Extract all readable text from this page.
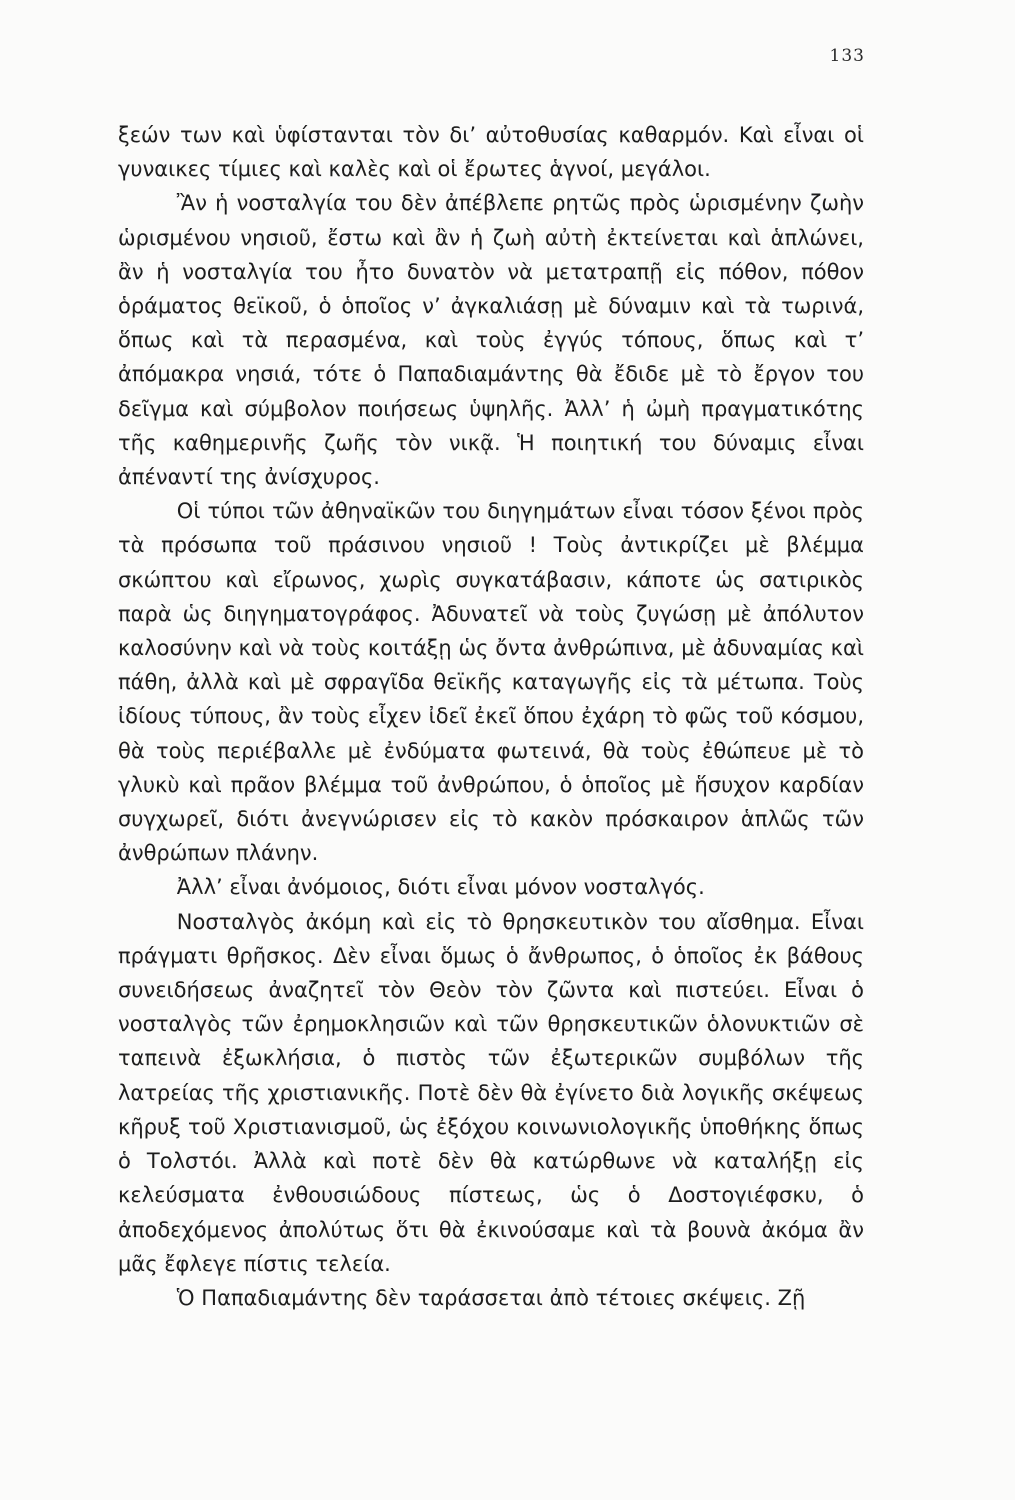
133

ξεών των καὶ ὑφίστανται τὸν δι’ αὐτοθυσίας καθαρμόν. Καὶ εἶναι οἱ γυναικες τίμιες καὶ καλὲς καὶ οἱ ἔρωτες ἁγνοί, μεγάλοι.

Ἂν ἡ νοσταλγία του δὲν ἀπέβλεπε ρητῶς πρὸς ὡρισμένην ζωὴν ὡρισμένου νησιοῦ, ἔστω καὶ ἂν ἡ ζωὴ αὐτὴ ἐκτείνεται καὶ ἁπλώνει, ἂν ἡ νοσταλγία του ἦτο δυνατὸν νὰ μετατραπῇ εἰς πόθον, πόθον ὁράματος θεϊκοῦ, ὁ ὁποῖος ν’ ἀγκαλιάσῃ μὲ δύναμιν καὶ τὰ τωρινά, ὅπως καὶ τὰ περασμένα, καὶ τοὺς ἐγγύς τόπους, ὅπως καὶ τ’ ἀπόμακρα νησιά, τότε ὁ Παπαδιαμάντης θὰ ἔδιδε μὲ τὸ ἔργον του δεῖγμα καὶ σύμβολον ποιήσεως ὑψηλῆς. Ἀλλ’ ἡ ὠμὴ πραγματικότης τῆς καθημερινῆς ζωῆς τὸν νικᾷ. Ἡ ποιητική του δύναμις εἶναι ἀπέναντί της ἀνίσχυρος.

Οἱ τύποι τῶν ἀθηναϊκῶν του διηγημάτων εἶναι τόσον ξένοι πρὸς τὰ πρόσωπα τοῦ πράσινου νησιοῦ ! Τοὺς ἀντικρίζει μὲ βλέμμα σκώπτου καὶ εἴρωνος, χωρὶς συγκατάβασιν, κάποτε ὡς σατιρικὸς παρὰ ὡς διηγηματογράφος. Ἀδυνατεῖ νὰ τοὺς ζυγώσῃ μὲ ἀπόλυτον καλοσύνην καὶ νὰ τοὺς κοιτάξῃ ὡς ὄντα ἀνθρώπινα, μὲ ἀδυναμίας καὶ πάθη, ἀλλὰ καὶ μὲ σφραγῖδα θεϊκῆς καταγωγῆς εἰς τὰ μέτωπα. Τοὺς ἰδίους τύπους, ἂν τοὺς εἶχεν ἰδεῖ ἐκεῖ ὅπου ἐχάρη τὸ φῶς τοῦ κόσμου, θὰ τοὺς περιέβαλλε μὲ ἐνδύματα φωτεινά, θὰ τοὺς ἐθώπευε μὲ τὸ γλυκὺ καὶ πρᾶον βλέμμα τοῦ ἀνθρώπου, ὁ ὁποῖος μὲ ἥσυχον καρδίαν συγχωρεῖ, διότι ἀνεγνώρισεν εἰς τὸ κακὸν πρόσκαιρον ἁπλῶς τῶν ἀνθρώπων πλάνην.

Ἀλλ’ εἶναι ἀνόμοιος, διότι εἶναι μόνον νοσταλγός.

Νοσταλγὸς ἀκόμη καὶ εἰς τὸ θρησκευτικὸν του αἴσθημα. Εἶναι πράγματι θρῆσκος. Δὲν εἶναι ὅμως ὁ ἄνθρωπος, ὁ ὁποῖος ἐκ βάθους συνειδήσεως ἀναζητεῖ τὸν Θεὸν τὸν ζῶντα καὶ πιστεύει. Εἶναι ὁ νοσταλγὸς τῶν ἐρημοκλησιῶν καὶ τῶν θρησκευτικῶν ὁλονυκτιῶν σὲ ταπεινὰ ἐξωκλήσια, ὁ πιστὸς τῶν ἐξωτερικῶν συμβόλων τῆς λατρείας τῆς χριστιανικῆς. Ποτὲ δὲν θὰ ἐγίνετο διὰ λογικῆς σκέψεως κῆρυξ τοῦ Χριστιανισμοῦ, ὡς ἐξόχου κοινωνιολογικῆς ὑποθήκης ὅπως ὁ Τολστόι. Ἀλλὰ καὶ ποτὲ δὲν θὰ κατώρθωνε νὰ καταλήξῃ εἰς κελεύσματα ἐνθουσιώδους πίστεως, ὡς ὁ Δοστογιέφσκυ, ὁ ἀποδεχόμενος ἀπολύτως ὅτι θὰ ἐκινούσαμε καὶ τὰ βουνὰ ἀκόμα ἂν μᾶς ἔφλεγε πίστις τελεία.

Ὁ Παπαδιαμάντης δὲν ταράσσεται ἀπὸ τέτοιες σκέψεις. Ζῇ
